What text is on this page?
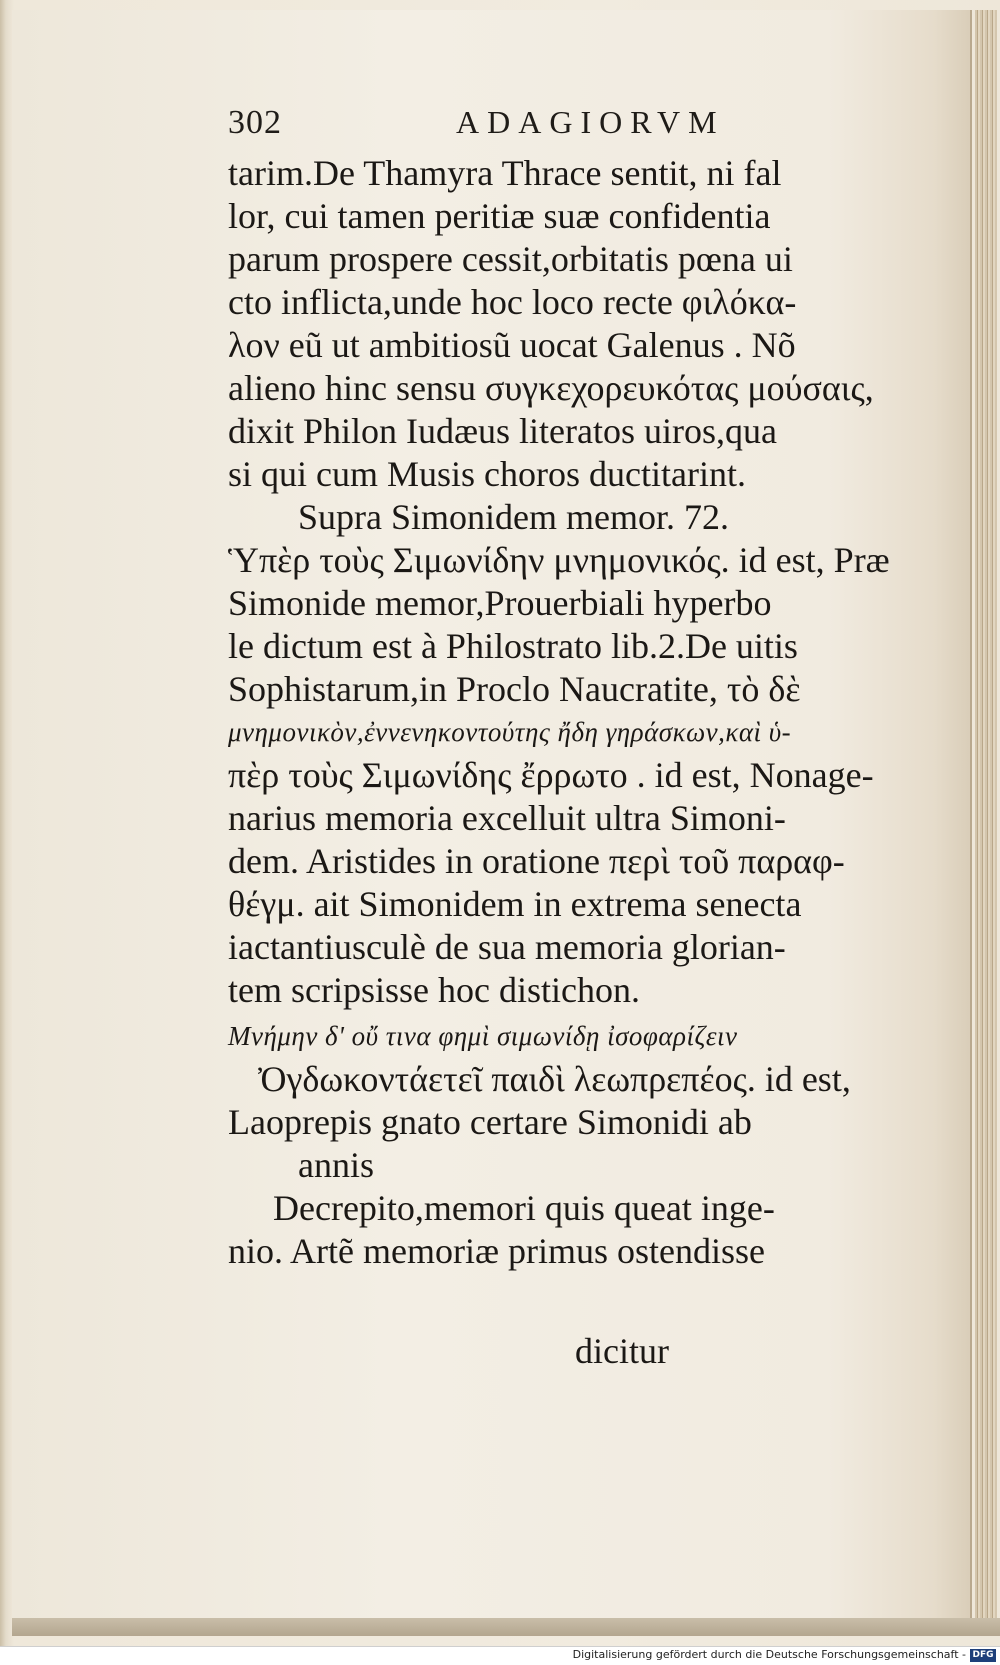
302	ADAGIORVM
tarim.De Thamyra Thrace sentit, ni fal
lor, cui tamen peritiæ suæ confidentia
parum prospere cessit,orbitatis pœna ui
cto inflicta,unde hoc loco recte φιλόκα-
λον eũ ut ambitiosũ uocat Galenus . Nõ
alieno hinc sensu συγκεχορευκότας μούσαις,
dixit Philon Iudæus literatos uiros,qua
si qui cum Musis choros ductitarint.
Supra Simonidem memor. 72.
Ὑπὲρ τοὺς Σιμωνίδην μνημονικός. id est, Præ
Simonide memor,Prouerbiali hyperbo
le dictum est à Philostrato lib.2.De uitis
Sophistarum,in Proclo Naucratite, τὸ δὲ
μνημονικὸν,ἐννενηκοντούτης ἤδη γηράσκων,καὶ ὑ-
πὲρ τοὺς Σιμωνίδης ἔρρωτο . id est, Nonage-
narius memoria excelluit ultra Simoni-
dem. Aristides in oratione περὶ τοῦ παραφ-
θέγμ. ait Simonidem in extrema senecta
iactantiusculè de sua memoria glorian-
tem scripsisse hoc distichon.
Μνήμην δ' οὔ τινα φημὶ σιμωνίδῃ ἰσοφαρίζειν
Ὀγδωκοντάετεῖ παιδὶ λεωπρεπέος. id est,
Laoprepis gnato certare Simonidi ab
annis
Decrepito,memori quis queat inge-
nio. Artẽ memoriæ primus ostendisse
dicitur
Digitalisierung gefördert durch die Deutsche Forschungsgemeinschaft - DFG
